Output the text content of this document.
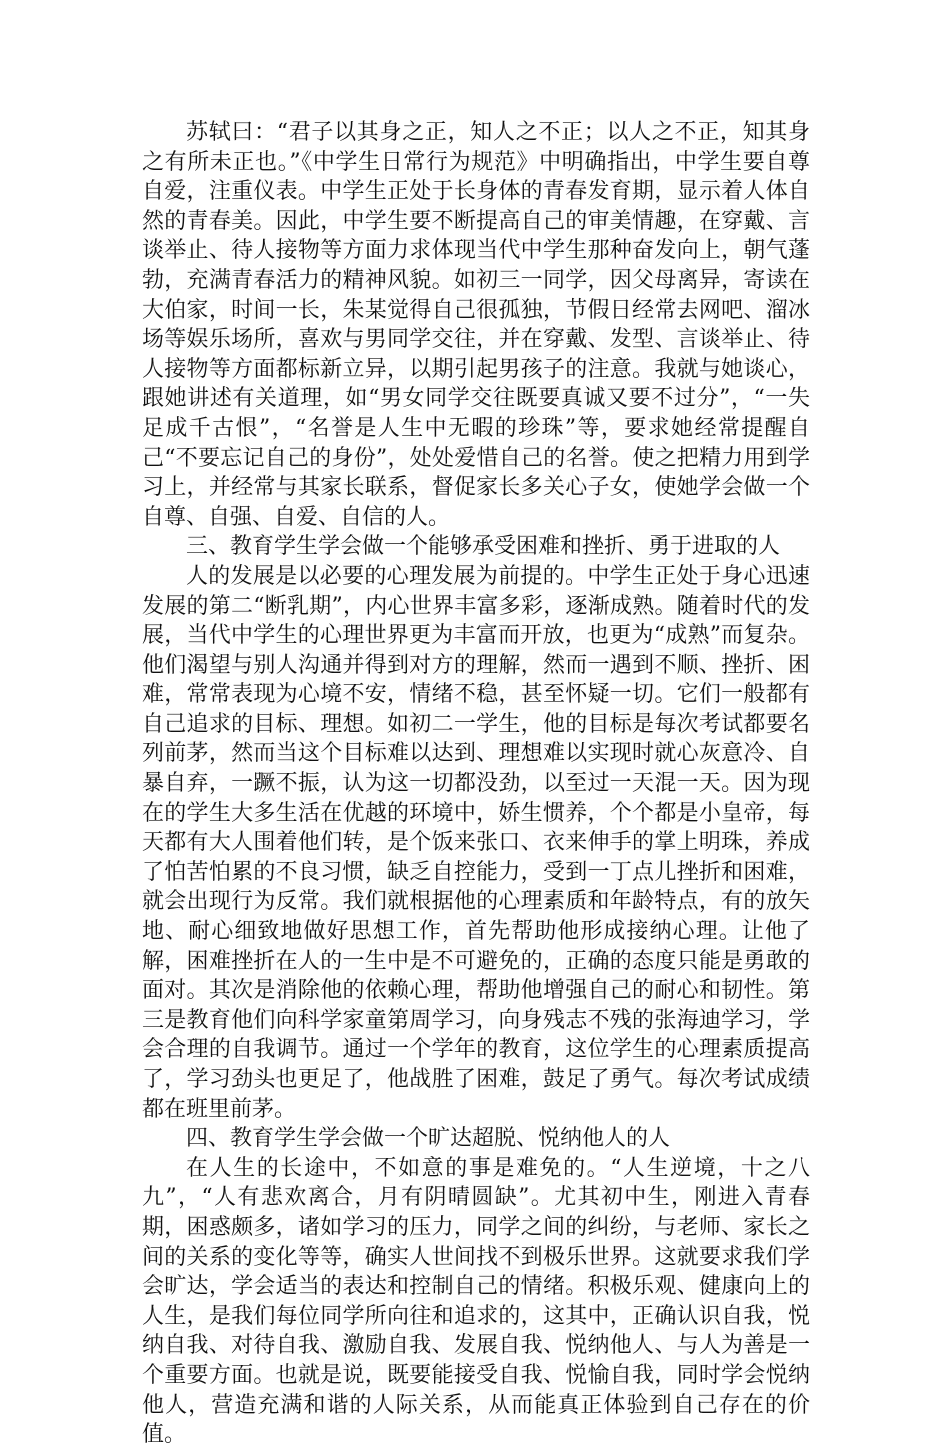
苏轼曰：“君子以其身之正，知人之不正；以人之不正，知其身之有所未正也。”《中学生日常行为规范》中明确指出，中学生要自尊自爱，注重仪表。中学生正处于长身体的青春发育期，显示着人体自然的青春美。因此，中学生要不断提高自己的审美情趣，在穿戴、言谈举止、待人接物等方面力求体现当代中学生那种奋发向上，朝气蓬勃，充满青春活力的精神风貌。如初三一同学，因父母离异，寄读在大伯家，时间一长，朱某觉得自己很孤独，节假日经常去网吧、溜冰场等娱乐场所，喜欢与男同学交往，并在穿戴、发型、言谈举止、待人接物等方面都标新立异，以期引起男孩子的注意。我就与她谈心，跟她讲述有关道理，如“男女同学交往既要真诚又要不过分”，“一失足成千古恨”，“名誉是人生中无暇的珍珠”等，要求她经常提醒自己“不要忘记自己的身份”，处处爱惜自己的名誉。使之把精力用到学习上，并经常与其家长联系，督促家长多关心子女，使她学会做一个自尊、自强、自爱、自信的人。

三、教育学生学会做一个能够承受困难和挫折、勇于进取的人

人的发展是以必要的心理发展为前提的。中学生正处于身心迅速发展的第二“断乳期”，内心世界丰富多彩，逐渐成熟。随着时代的发展，当代中学生的心理世界更为丰富而开放，也更为“成熟”而复杂。他们渴望与别人沟通并得到对方的理解，然而一遇到不顺、挫折、困难，常常表现为心境不安，情绪不稳，甚至怀疑一切。它们一般都有自己追求的目标、理想。如初二一学生，他的目标是每次考试都要名列前茅，然而当这个目标难以达到、理想难以实现时就心灰意冷、自暴自弃，一蹶不振，认为这一切都没劲，以至过一天混一天。因为现在的学生大多生活在优越的环境中，娇生惯养，个个都是小皇帝，每天都有大人围着他们转，是个饭来张口、衣来伸手的掌上明珠，养成了怕苦怕累的不良习惯，缺乏自控能力，受到一丁点儿挫折和困难，就会出现行为反常。我们就根据他的心理素质和年龄特点，有的放矢地、耐心细致地做好思想工作，首先帮助他形成接纳心理。让他了解，困难挫折在人的一生中是不可避免的，正确的态度只能是勇敢的面对。其次是消除他的依赖心理，帮助他增强自己的耐心和韧性。第三是教育他们向科学家童第周学习，向身残志不残的张海迪学习，学会合理的自我调节。通过一个学年的教育，这位学生的心理素质提高了，学习劲头也更足了，他战胜了困难，鼓足了勇气。每次考试成绩都在班里前茅。

四、教育学生学会做一个旷达超脱、悦纳他人的人

在人生的长途中，不如意的事是难免的。“人生逆境，十之八九”，“人有悲欢离合，月有阴晴圆缺”。尤其初中生，刚进入青春期，困惑颇多，诸如学习的压力，同学之间的纠纷，与老师、家长之间的关系的变化等等，确实人世间找不到极乐世界。这就要求我们学会旷达，学会适当的表达和控制自己的情绪。积极乐观、健康向上的人生，是我们每位同学所向往和追求的，这其中，正确认识自我，悦纳自我、对待自我、激励自我、发展自我、悦纳他人、与人为善是一个重要方面。也就是说，既要能接受自我、悦愉自我，同时学会悦纳他人，营造充满和谐的人际关系，从而能真正体验到自己存在的价值。
